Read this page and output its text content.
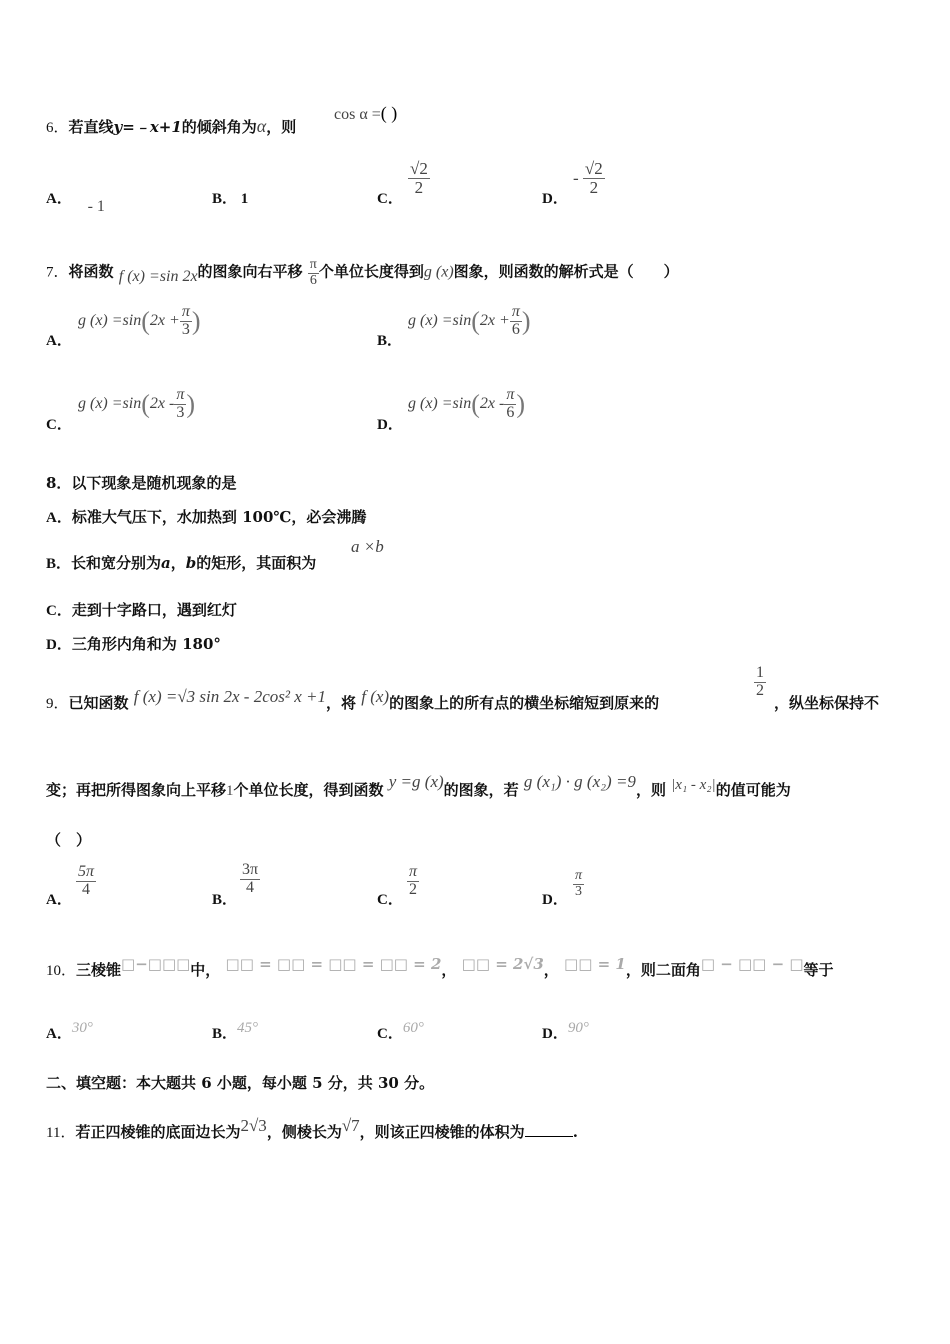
6．若直线y=﹣x+1的倾斜角为α，则
cos α =( )
A． - 1	B． 1	C．
$\frac{√2}{2}$
D．
- $\frac{√2}{2}$
7．将函数 f (x) =sin 2x的图象向右平移 $\frac{\pi}{6}$ 个单位长度得到g (x)图象，则函数的解析式是（　　）
A．
g $(x) =\sin(2x + \frac{\pi}{3}$ )
B．
g $(x) =\sin(2x + \frac{\pi}{6}$ )
C．
g $(x) =\sin(2x - \frac{\pi}{3}$ )
D．
g $(x) =\sin(2x - \frac{\pi}{6}$ )
8．以下现象是随机现象的是
A．标准大气压下，水加热到 100℃，必会沸腾
B．长和宽分别为a，b的矩形，其面积为
a ×b
C．走到十字路口，遇到红灯
D．三角形内角和为 180°
9．已知函数 f (x) =√3 sin 2x - 2cos² x +1，将 f (x)的图象上的所有点的横坐标缩短到原来的
$\frac{1}{2}$
，纵坐标保持不
变；再把所得图象向上平移1个单位长度，得到函数 y =g (x)的图象，若 g (x₁) · g (x₂) =9，则 |x₁ - x₂|的值可能为
（　）
A．
$\frac{5\pi}{4}$
B．
$\frac{3\pi}{4}$
C．
$\frac{\pi}{2}$
D．
$\frac{\pi}{3}$
10．三棱锥□−□□□中， □□ = □□ = □□ = □□ = 2， □□ = 2√3， □□ = 1，则二面角□ − □□ − □等于
A．30°	B．45°	C．60°	D．90°
二、填空题：本大题共 6 小题，每小题 5 分，共 30 分。
11．若正四棱锥的底面边长为2√3，侧棱长为√7，则该正四棱锥的体积为	.
